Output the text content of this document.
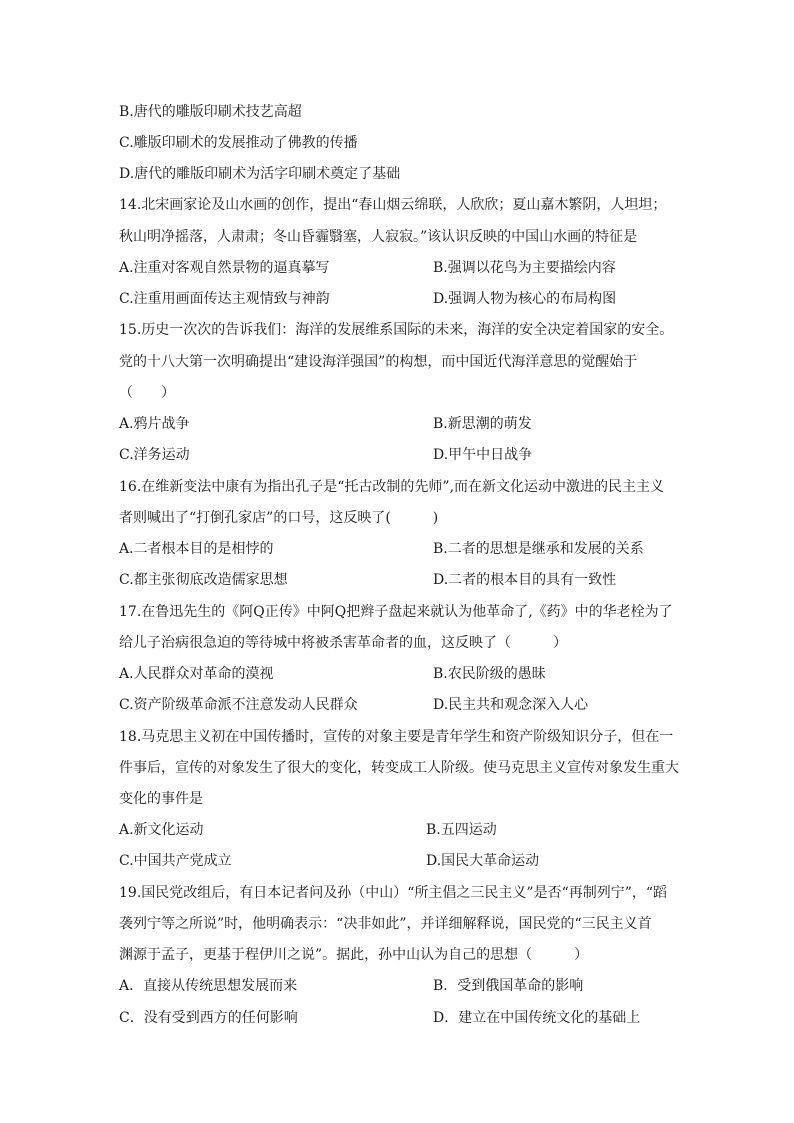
B.唐代的雕版印刷术技艺高超
C.雕版印刷术的发展推动了佛教的传播
D.唐代的雕版印刷术为活字印刷术奠定了基础
14.北宋画家论及山水画的创作，提出“春山烟云绵联，人欣欣；夏山嘉木繁阴，人坦坦；
秋山明净摇落，人肃肃；冬山昏霾翳塞，人寂寂。”该认识反映的中国山水画的特征是
A.注重对客观自然景物的逼真摹写	B.强调以花鸟为主要描绘内容
C.注重用画面传达主观情致与神韵	D.强调人物为核心的布局构图
15.历史一次次的告诉我们：海洋的发展维系国际的未来，海洋的安全决定着国家的安全。
党的十八大第一次明确提出“建设海洋强国”的构想，而中国近代海洋意思的觉醒始于
（　　）
A.鸦片战争	B.新思潮的萌发
C.洋务运动	D.甲午中日战争
16.在维新变法中康有为指出孔子是“托古改制的先师”,而在新文化运动中激进的民主主义
者则喊出了“打倒孔家店”的口号，这反映了(　　　)
A.二者根本目的是相悖的	B.二者的思想是继承和发展的关系
C.都主张彻底改造儒家思想	D.二者的根本目的具有一致性
17.在鲁迅先生的《阿Q正传》中阿Q把辫子盘起来就认为他革命了,《药》中的华老栓为了
给儿子治病很急迫的等待城中将被杀害革命者的血，这反映了（　　　）
A.人民群众对革命的漠视	B.农民阶级的愚昧
C.资产阶级革命派不注意发动人民群众	D.民主共和观念深入人心
18.马克思主义初在中国传播时，宣传的对象主要是青年学生和资产阶级知识分子，但在一
件事后，宣传的对象发生了很大的变化，转变成工人阶级。使马克思主义宣传对象发生重大
变化的事件是
A.新文化运动	B.五四运动
C.中国共产党成立	D.国民大革命运动
19.国民党改组后，有日本记者问及孙（中山）“所主倡之三民主义”是否“再制列宁”，“蹈
袭列宁等之所说”时，他明确表示：“决非如此”，并详细解释说，国民党的“三民主义首
渊源于孟子，更基于程伊川之说”。据此，孙中山认为自己的思想（　　　）
A．直接从传统思想发展而来	B．受到俄国革命的影响
C．没有受到西方的任何影响	D．建立在中国传统文化的基础上
